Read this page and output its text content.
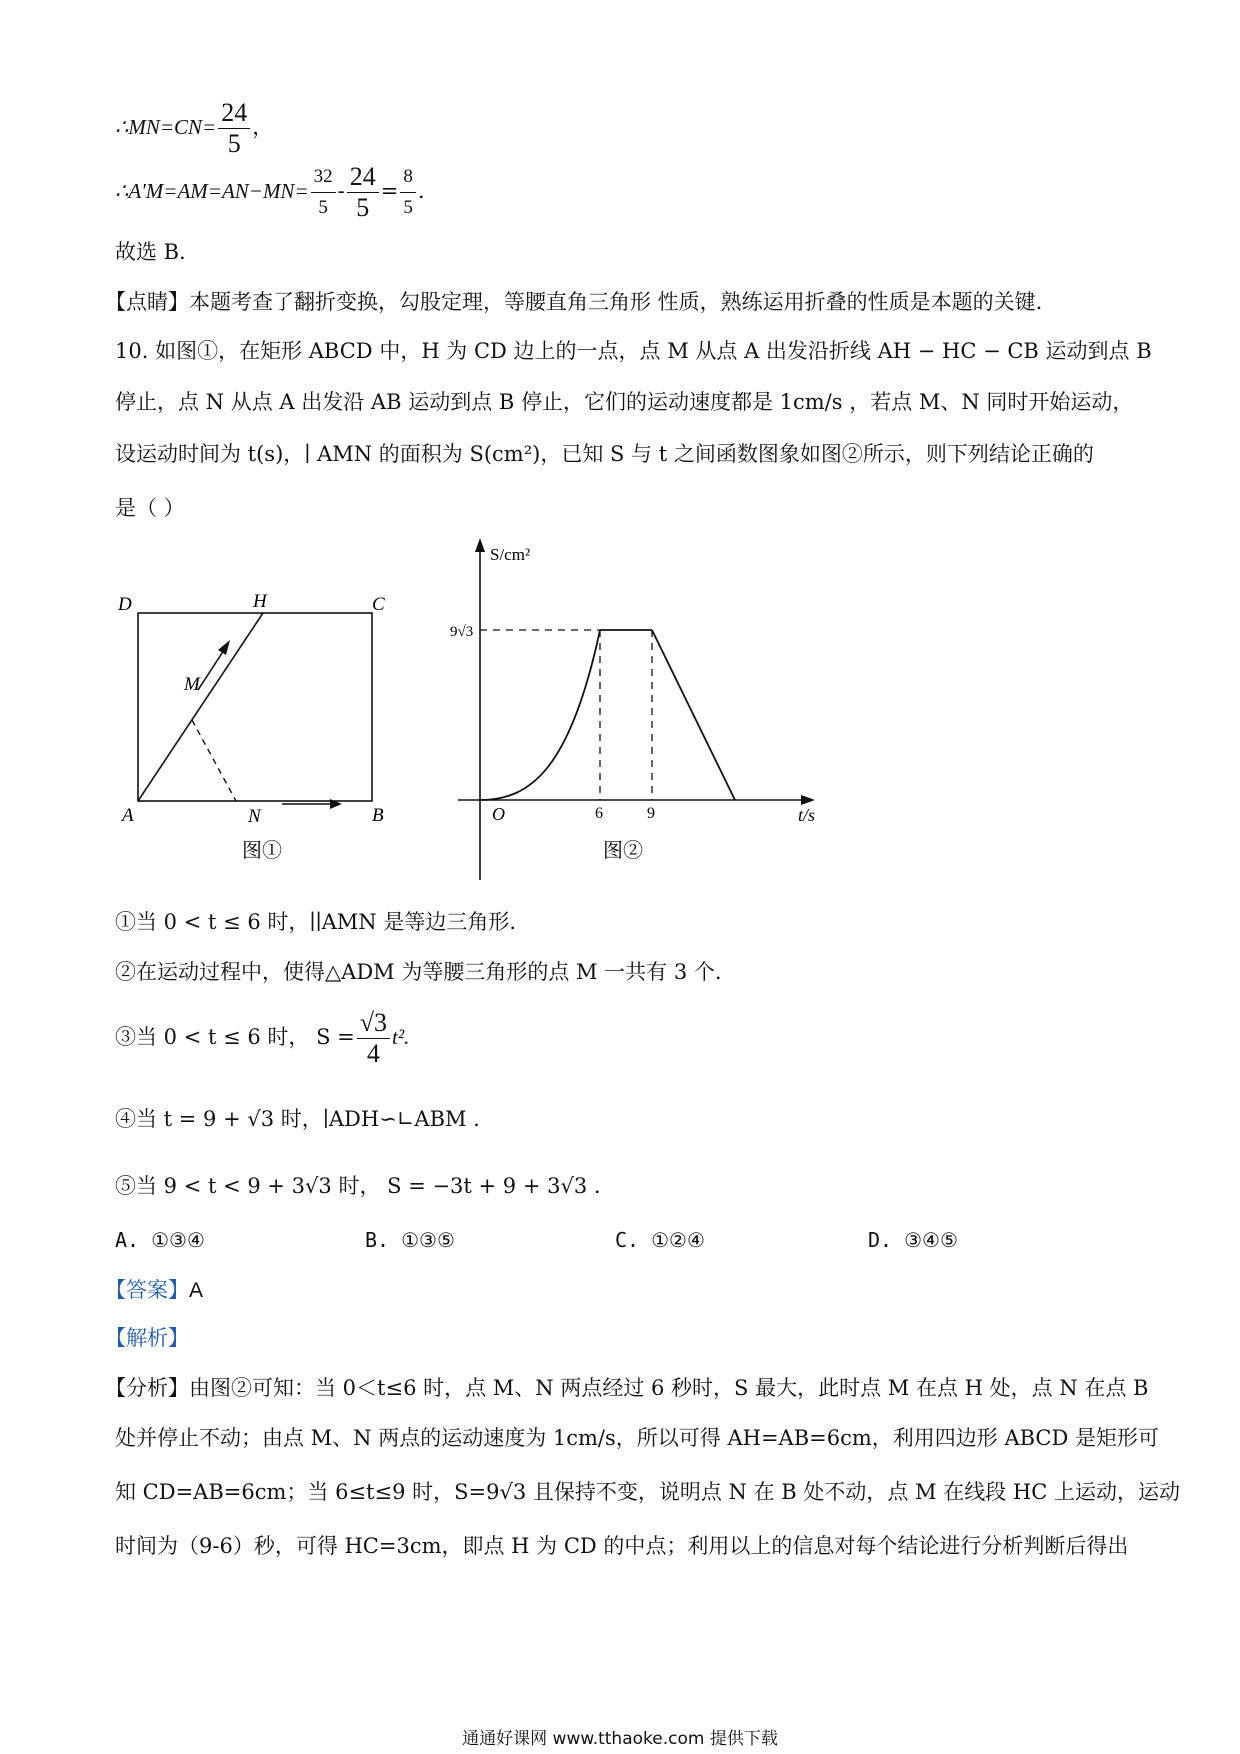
∴MN=CN= $\frac{24}{5}$ ，
∴A′M=AM=AN−MN= $\frac{32}{5} - \frac{24}{5} = \frac{8}{5}$ .
故选 B．
【点睛】本题考查了翻折变换，勾股定理，等腰直角三角形 性质，熟练运用折叠的性质是本题的关键.
10. 如图①，在矩形 ABCD 中，H 为 CD 边上的一点，点 M 从点 A 出发沿折线 AH − HC − CB 运动到点 B
停止，点 N 从点 A 出发沿 AB 运动到点 B 停止，它们的运动速度都是 1cm/s ，若点 M、N 同时开始运动，
设运动时间为 t(s)，∣ AMN 的面积为 S(cm²)，已知 S 与 t 之间函数图象如图②所示，则下列结论正确的
是（ ）
D	H	C
M
A	N	B
图①
S/cm²
9√3
O	6	9	t/s
图②
①当 0 < t ≤ 6 时，∣∣AMN 是等边三角形.
②在运动过程中，使得△ADM 为等腰三角形的点 M 一共有 3 个.
③当 0 < t ≤ 6 时， $S = \frac{√3}{4} t^2$.
④当 t = 9 + √3 时，∣ADH∽∟ABM .
⑤当 9 < t < 9 + 3√3 时， S = −3t + 9 + 3√3 .
A. ①③④	B. ①③⑤	C. ①②④	D. ③④⑤
【答案】A
【解析】
【分析】由图②可知：当 0＜t≤6 时，点 M、N 两点经过 6 秒时，S 最大，此时点 M 在点 H 处，点 N 在点 B
处并停止不动；由点 M、N 两点的运动速度为 1cm/s，所以可得 AH=AB=6cm，利用四边形 ABCD 是矩形可
知 CD=AB=6cm；当 6≤t≤9 时，S=9√3 且保持不变，说明点 N 在 B 处不动，点 M 在线段 HC 上运动，运动
时间为（9-6）秒，可得 HC=3cm，即点 H 为 CD 的中点；利用以上的信息对每个结论进行分析判断后得出
通通好课网 www.tthaoke.com 提供下载
